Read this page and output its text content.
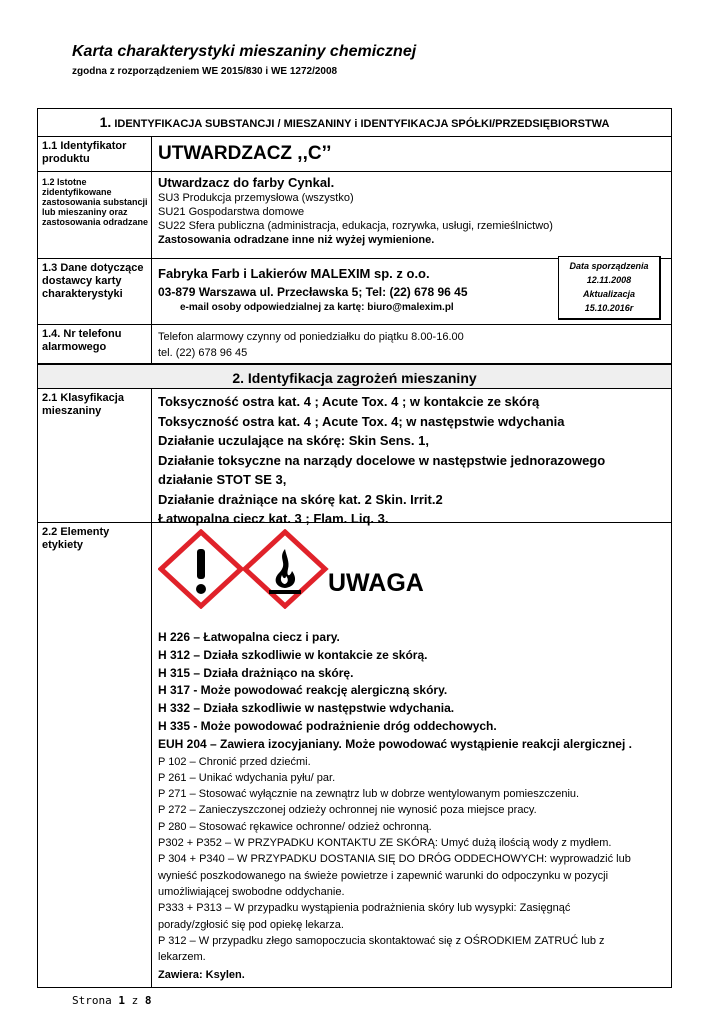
Karta charakterystyki mieszaniny chemicznej
zgodna z rozporządzeniem WE 2015/830 i WE 1272/2008
1. IDENTYFIKACJA SUBSTANCJI / MIESZANINY i IDENTYFIKACJA SPÓŁKI/PRZEDSIĘBIORSTWA
1.1 Identyfikator produktu	UTWARDZACZ ,,C’’
1.2 Istotne zidentyfikowane zastosowania substancji lub mieszaniny oraz zastosowania odradzane
Utwardzacz do farby Cynkal.
SU3 Produkcja przemysłowa (wszystko)
SU21 Gospodarstwa domowe
SU22 Sfera publiczna (administracja, edukacja, rozrywka, usługi, rzemieślnictwo)
Zastosowania odradzane inne niż wyżej wymienione.
1.3 Dane dotyczące dostawcy karty charakterystyki
Fabryka Farb i Lakierów MALEXIM sp. z o.o.
03-879 Warszawa ul. Przecławska 5; Tel: (22) 678 96 45
e-mail osoby odpowiedzialnej za kartę: biuro@malexim.pl
1.4. Nr telefonu alarmowego
Telefon alarmowy czynny od poniedziałku do piątku 8.00-16.00
tel. (22) 678 96 45
2. Identyfikacja zagrożeń mieszaniny
2.1 Klasyfikacja mieszaniny
Toksyczność ostra kat. 4 ; Acute Tox. 4 ; w kontakcie ze skórą
Toksyczność ostra kat. 4 ; Acute Tox. 4; w następstwie wdychania
Działanie uczulające na skórę: Skin Sens. 1,
Działanie toksyczne na narządy docelowe w następstwie jednorazowego
działanie STOT SE 3,
Działanie drażniące na skórę kat. 2 Skin. Irrit.2
Łatwopalna ciecz kat. 3 ; Flam. Liq. 3.
2.2 Elementy etykiety
UWAGA
H 226 – Łatwopalna ciecz i pary.
H 312 – Działa szkodliwie w kontakcie ze skórą.
H 315 – Działa drażniąco na skórę.
H 317 - Może powodować reakcję alergiczną skóry.
H 332 – Działa szkodliwie w następstwie wdychania.
H 335 - Może powodować podrażnienie dróg oddechowych.
EUH 204 – Zawiera izocyjaniany. Może powodować wystąpienie reakcji alergicznej .
P 102 – Chronić przed dziećmi.
P 261 – Unikać wdychania pyłu/ par.
P 271 – Stosować wyłącznie na zewnątrz lub w dobrze wentylowanym pomieszczeniu.
P 272 – Zanieczyszczonej odzieży ochronnej nie wynosić poza miejsce pracy.
P 280 – Stosować rękawice ochronne/ odzież ochronną.
P302 + P352 – W PRZYPADKU KONTAKTU ZE SKÓRĄ: Umyć dużą ilością wody z mydłem.
P 304 + P340 – W PRZYPADKU DOSTANIA SIĘ DO DRÓG ODDECHOWYCH: wyprowadzić lub
wynieść poszkodowanego na świeże powietrze i zapewnić warunki do odpoczynku w pozycji
umożliwiającej swobodne oddychanie.
P333 + P313 – W przypadku wystąpienia podrażnienia skóry lub wysypki: Zasięgnąć
porady/zgłosić się pod opiekę lekarza.
P 312 – W przypadku złego samopoczucia skontaktować się z OŚRODKIEM ZATRUĆ lub z
lekarzem.
Zawiera: Ksylen.
Data sporządzenia
12.11.2008
Aktualizacja
15.10.2016r
Strona 1 z 8
